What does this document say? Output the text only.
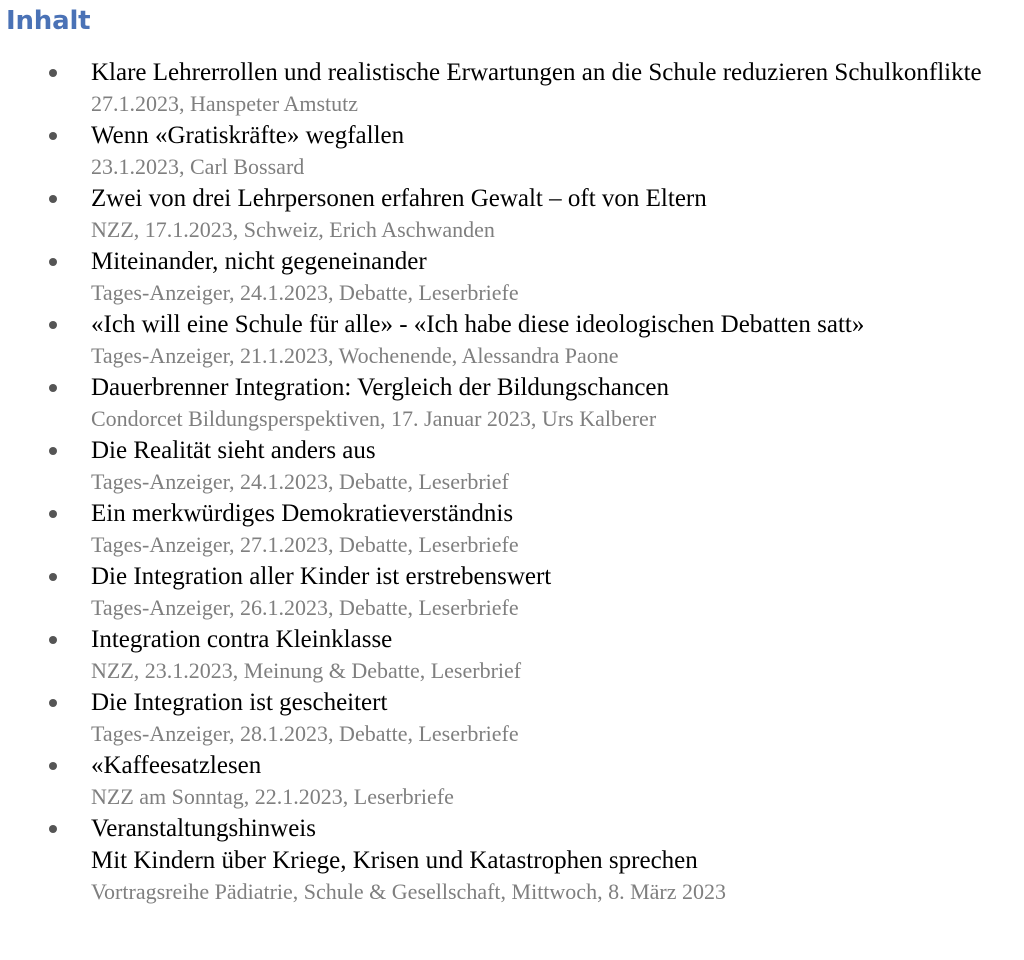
Inhalt
Klare Lehrerrollen und realistische Erwartungen an die Schule reduzieren Schulkonflikte
27.1.2023, Hanspeter Amstutz
Wenn «Gratiskräfte» wegfallen
23.1.2023, Carl Bossard
Zwei von drei Lehrpersonen erfahren Gewalt – oft von Eltern
NZZ, 17.1.2023, Schweiz, Erich Aschwanden
Miteinander, nicht gegeneinander
Tages-Anzeiger, 24.1.2023, Debatte, Leserbriefe
«Ich will eine Schule für alle» - «Ich habe diese ideologischen Debatten satt»
Tages-Anzeiger, 21.1.2023, Wochenende, Alessandra Paone
Dauerbrenner Integration: Vergleich der Bildungschancen
Condorcet Bildungsperspektiven, 17. Januar 2023, Urs Kalberer
Die Realität sieht anders aus
Tages-Anzeiger, 24.1.2023, Debatte, Leserbrief
Ein merkwürdiges Demokratieverständnis
Tages-Anzeiger, 27.1.2023, Debatte, Leserbriefe
Die Integration aller Kinder ist erstrebenswert
Tages-Anzeiger, 26.1.2023, Debatte, Leserbriefe
Integration contra Kleinklasse
NZZ, 23.1.2023, Meinung & Debatte, Leserbrief
Die Integration ist gescheitert
Tages-Anzeiger, 28.1.2023, Debatte, Leserbriefe
«Kaffeesatzlesen
NZZ am Sonntag, 22.1.2023, Leserbriefe
Veranstaltungshinweis
Mit Kindern über Kriege, Krisen und Katastrophen sprechen
Vortragsreihe Pädiatrie, Schule & Gesellschaft, Mittwoch, 8. März 2023
